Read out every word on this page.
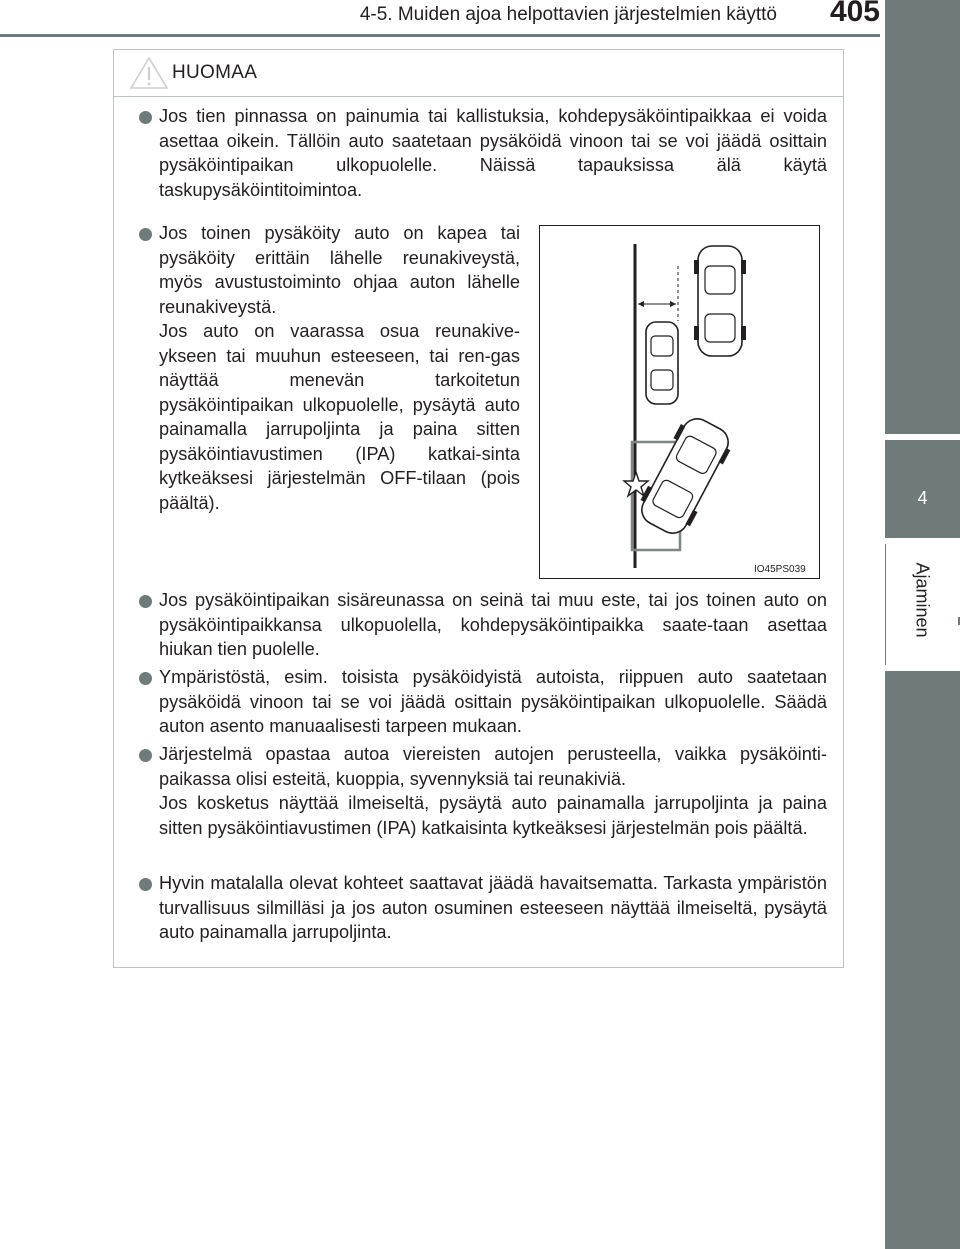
4-5. Muiden ajoa helpottavien järjestelmien käyttö	405
4
Ajaminen
HUOMAA
Jos tien pinnassa on painumia tai kallistuksia, kohdepysäköintipaikkaa ei voida asettaa oikein. Tällöin auto saatetaan pysäköidä vinoon tai se voi jäädä osittain pysäköintipaikan ulkopuolelle. Näissä tapauksissa älä käytä taskupysäköintitoimintoa.
Jos toinen pysäköity auto on kapea tai pysäköity erittäin lähelle reunakiveystä, myös avustustoiminto ohjaa auton lähelle reunakiveystä.
Jos auto on vaarassa osua reunakive-ykseen tai muuhun esteeseen, tai ren-gas näyttää menevän tarkoitetun pysäköintipaikan ulkopuolelle, pysäytä auto painamalla jarrupoljinta ja paina sitten pysäköintiavustimen (IPA) katkai-sinta kytkeäksesi järjestelmän OFF-tilaan (pois päältä).
IO45PS039
Jos pysäköintipaikan sisäreunassa on seinä tai muu este, tai jos toinen auto on pysäköintipaikkansa ulkopuolella, kohdepysäköintipaikka saate-taan asettaa hiukan tien puolelle.
Ympäristöstä, esim. toisista pysäköidyistä autoista, riippuen auto saatetaan pysäköidä vinoon tai se voi jäädä osittain pysäköintipaikan ulkopuolelle. Säädä auton asento manuaalisesti tarpeen mukaan.
Järjestelmä opastaa autoa viereisten autojen perusteella, vaikka pysäköinti-paikassa olisi esteitä, kuoppia, syvennyksiä tai reunakiviä.
Jos kosketus näyttää ilmeiseltä, pysäytä auto painamalla jarrupoljinta ja paina sitten pysäköintiavustimen (IPA) katkaisinta kytkeäksesi järjestelmän pois päältä.
Hyvin matalalla olevat kohteet saattavat jäädä havaitsematta. Tarkasta ympäristön turvallisuus silmilläsi ja jos auton osuminen esteeseen näyttää ilmeiseltä, pysäytä auto painamalla jarrupoljinta.
